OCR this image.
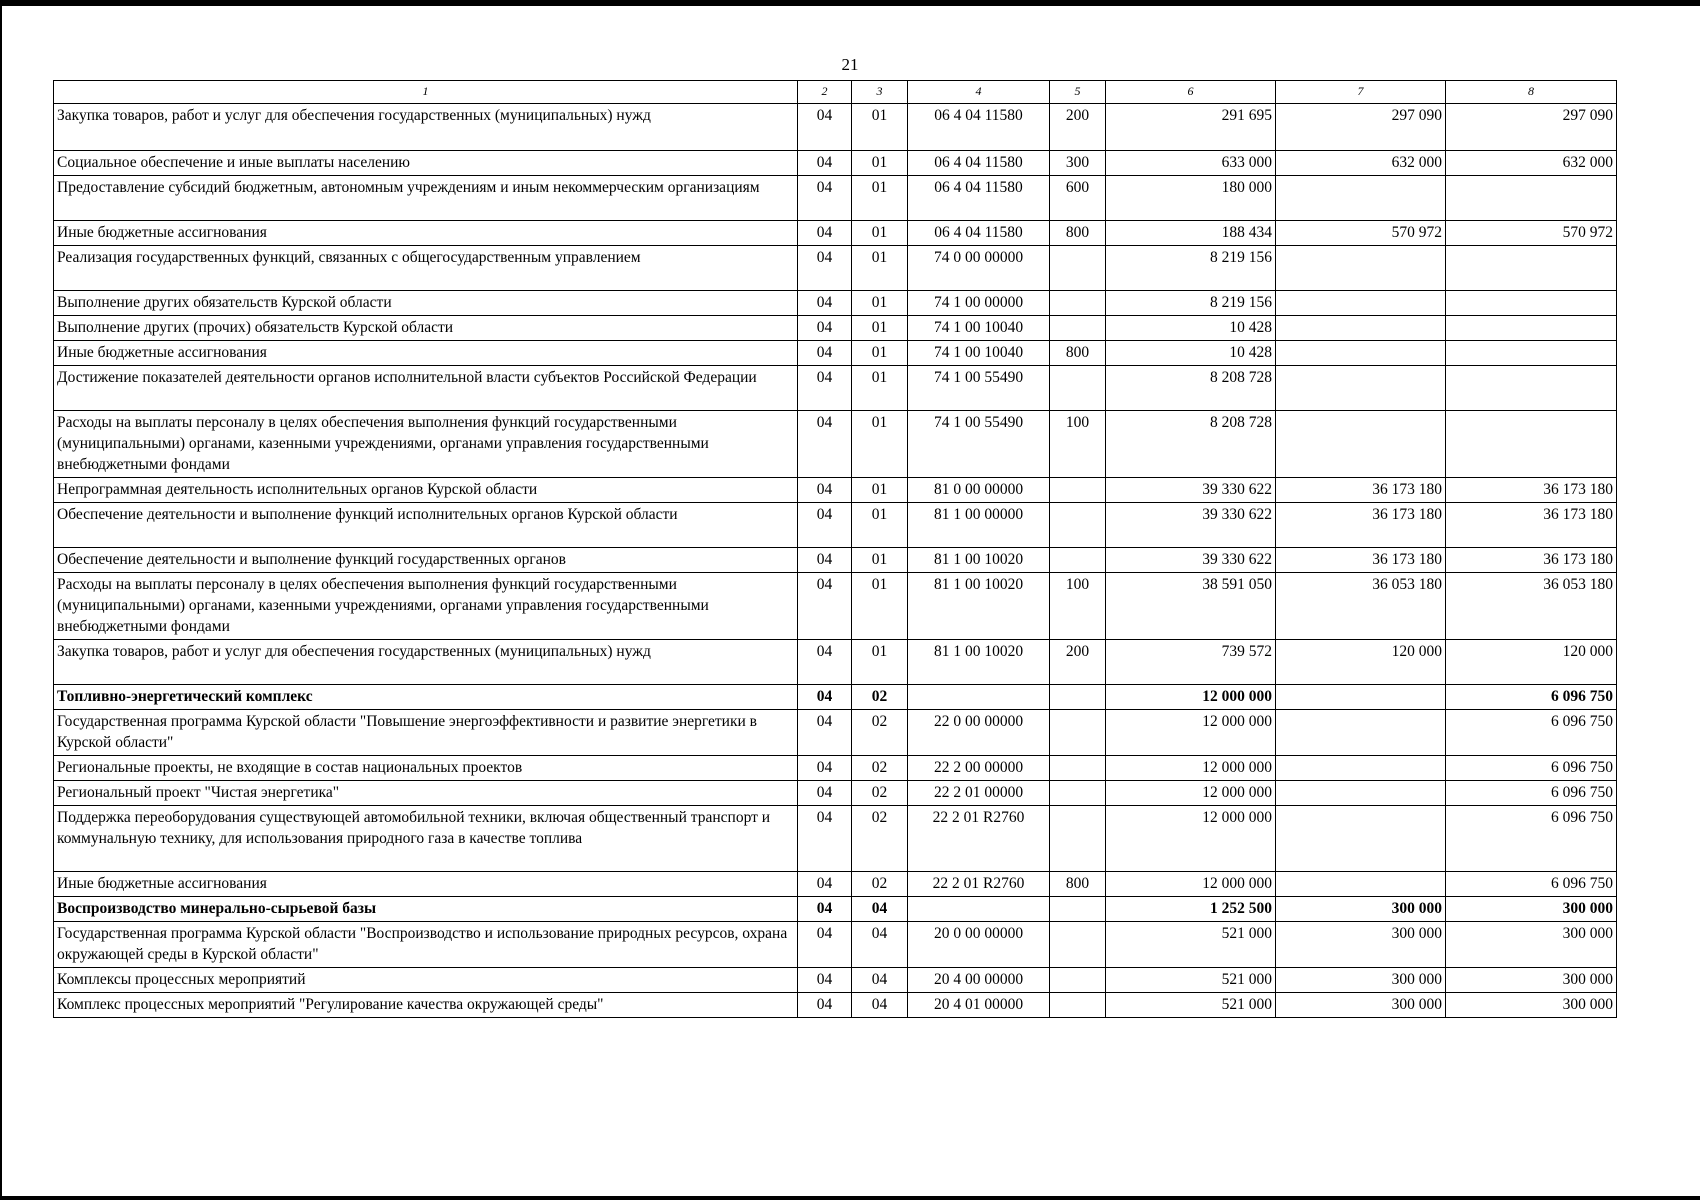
21
1	2	3	4	5	6	7	8
Закупка товаров, работ и услуг для обеспечения государственных (муниципальных) нужд	04	01	06 4 04 11580	200	291 695	297 090	297 090
Социальное обеспечение и иные выплаты населению	04	01	06 4 04 11580	300	633 000	632 000	632 000
Предоставление субсидий бюджетным, автономным учреждениям и иным некоммерческим организациям	04	01	06 4 04 11580	600	180 000		
Иные бюджетные ассигнования	04	01	06 4 04 11580	800	188 434	570 972	570 972
Реализация государственных функций, связанных с общегосударственным управлением	04	01	74 0 00 00000		8 219 156		
Выполнение других обязательств Курской области	04	01	74 1 00 00000		8 219 156		
Выполнение других (прочих) обязательств Курской области	04	01	74 1 00 10040		10 428		
Иные бюджетные ассигнования	04	01	74 1 00 10040	800	10 428		
Достижение показателей деятельности органов исполнительной власти субъектов Российской Федерации	04	01	74 1 00 55490		8 208 728		
Расходы на выплаты персоналу в целях обеспечения выполнения функций государственными (муниципальными) органами, казенными учреждениями, органами управления государственными внебюджетными фондами	04	01	74 1 00 55490	100	8 208 728		
Непрограммная деятельность исполнительных органов Курской области	04	01	81 0 00 00000		39 330 622	36 173 180	36 173 180
Обеспечение деятельности и выполнение функций исполнительных органов Курской области	04	01	81 1 00 00000		39 330 622	36 173 180	36 173 180
Обеспечение деятельности и выполнение функций государственных органов	04	01	81 1 00 10020		39 330 622	36 173 180	36 173 180
Расходы на выплаты персоналу в целях обеспечения выполнения функций государственными (муниципальными) органами, казенными учреждениями, органами управления государственными внебюджетными фондами	04	01	81 1 00 10020	100	38 591 050	36 053 180	36 053 180
Закупка товаров, работ и услуг для обеспечения государственных (муниципальных) нужд	04	01	81 1 00 10020	200	739 572	120 000	120 000
Топливно-энергетический комплекс	04	02			12 000 000		6 096 750
Государственная программа Курской области "Повышение энергоэффективности и развитие энергетики в Курской области"	04	02	22 0 00 00000		12 000 000		6 096 750
Региональные проекты, не входящие в состав национальных проектов	04	02	22 2 00 00000		12 000 000		6 096 750
Региональный проект "Чистая энергетика"	04	02	22 2 01 00000		12 000 000		6 096 750
Поддержка переоборудования существующей автомобильной техники, включая общественный транспорт и коммунальную технику, для использования природного газа в качестве топлива	04	02	22 2 01 R2760		12 000 000		6 096 750
Иные бюджетные ассигнования	04	02	22 2 01 R2760	800	12 000 000		6 096 750
Воспроизводство минерально-сырьевой базы	04	04			1 252 500	300 000	300 000
Государственная программа Курской области "Воспроизводство и использование природных ресурсов, охрана окружающей среды в Курской области"	04	04	20 0 00 00000		521 000	300 000	300 000
Комплексы процессных мероприятий	04	04	20 4 00 00000		521 000	300 000	300 000
Комплекс процессных мероприятий "Регулирование качества окружающей среды"	04	04	20 4 01 00000		521 000	300 000	300 000
